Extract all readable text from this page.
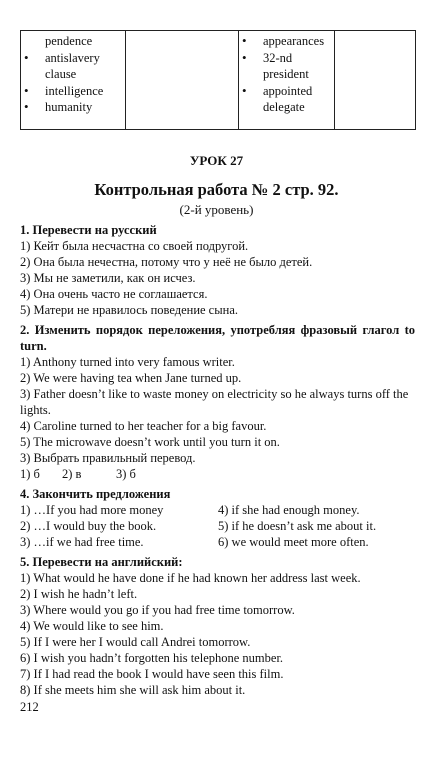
pendence
• antislavery
clause
• intelligence
• humanity

• appearances
• 32-nd
president
• appointed
delegate

УРОК 27
Контрольная работа № 2 стр. 92.
(2-й уровень)
1. Перевести на русский
1) Кейт была несчастна со своей подругой.
2) Она была нечестна, потому что у неё не было детей.
3) Мы не заметили, как он исчез.
4) Она очень часто не соглашается.
5) Матери не нравилось поведение сына.
2. Изменить порядок переложения, употребляя фразовый глагол to turn.
1) Anthony turned into very famous writer.
2) We were having tea when Jane turned up.
3) Father doesn’t like to waste money on electricity so he always turns off the lights.
4) Caroline turned to her teacher for a big favour.
5) The microwave doesn’t work until you turn it on.
3) Выбрать правильный перевод.
1) б	2) в	3) б
4. Закончить предложения
1) …If you had more money	4) if she had enough money.
2) …I would buy the book.	5) if he doesn’t ask me about it.
3) …if we had free time.	6) we would meet more often.
5. Перевести на английский:
1) What would he have done if he had known her address last week.
2) I wish he hadn’t left.
3) Where would you go if you had free time tomorrow.
4) We would like to see him.
5) If I were her I would call Andrei tomorrow.
6) I wish you hadn’t forgotten his telephone number.
7) If I had read the book I would have seen this film.
8) If she meets him she will ask him about it.
212
